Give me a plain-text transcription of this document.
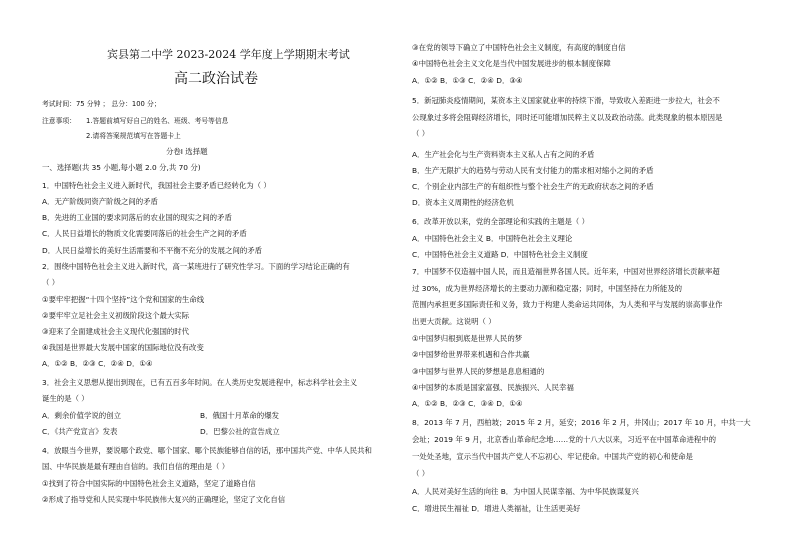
宾县第二中学 2023-2024 学年度上学期期末考试
高二政治试卷
考试时间：75 分钟 ； 总分：100 分；
注意事项： 1.答题前填写好自己的姓名、班级、考号等信息
2.请将答案规范填写在答题卡上
分卷Ⅰ 选择题
一、选择题(共 35 小题,每小题 2.0 分,共 70 分)
1．中国特色社会主义进入新时代，我国社会主要矛盾已经转化为（ ）
A．无产阶级同资产阶级之间的矛盾
B．先进的工业国的要求同落后的农业国的现实之间的矛盾
C．人民日益增长的物质文化需要同落后的社会生产之间的矛盾
D．人民日益增长的美好生活需要和不平衡不充分的发展之间的矛盾
2．围绕中国特色社会主义进入新时代，高一某班进行了研究性学习。下面的学习结论正确的有
（ ）
①要牢牢把握“十四个坚持”这个党和国家的生命线
②要牢牢立足社会主义初级阶段这个最大实际
③迎来了全面建成社会主义现代化强国的时代
④我国是世界最大发展中国家的国际地位没有改变
A．①② B．②③ C．②④ D．①④
3．社会主义思想从提出到现在，已有五百多年时间。在人类历史发展进程中，标志科学社会主义
诞生的是（ ）
A．剩余价值学说的创立	B．俄国十月革命的爆发
C．《共产党宣言》发表	D．巴黎公社的宣告成立
4．放眼当今世界，要说哪个政党、哪个国家、哪个民族能够自信的话，那中国共产党、中华人民共和
国、中华民族是最有理由自信的。我们自信的理由是（ ）
①找到了符合中国实际的中国特色社会主义道路，坚定了道路自信
②形成了指导党和人民实现中华民族伟大复兴的正确理论，坚定了文化自信
③在党的领导下确立了中国特色社会主义制度，有高度的制度自信
④中国特色社会主义文化是当代中国发展进步的根本制度保障
A．①② B．①③ C．②④ D．③④
5．新冠肺炎疫情期间，某资本主义国家就业率的持续下滑，导致收入差距进一步拉大，社会不
公现象过多将会阻碍经济增长，同时还可能增加民粹主义以及政治动荡。此类现象的根本原因是
（ ）
A．生产社会化与生产资料资本主义私人占有之间的矛盾
B．生产无限扩大的趋势与劳动人民有支付能力的需求相对缩小之间的矛盾
C．个别企业内部生产的有组织性与整个社会生产的无政府状态之间的矛盾
D．资本主义周期性的经济危机
6．改革开放以来，党的全部理论和实践的主题是（ ）
A．中国特色社会主义 B．中国特色社会主义理论
C．中国特色社会主义道路 D．中国特色社会主义制度
7．中国梦不仅造福中国人民，而且造福世界各国人民。近年来，中国对世界经济增长贡献率超
过 30%，成为世界经济增长的主要动力源和稳定器；同时，中国坚持在力所能及的
范围内承担更多国际责任和义务，致力于构建人类命运共同体，为人类和平与发展的崇高事业作
出更大贡献。这说明（ ）
①中国梦归根到底是世界人民的梦
②中国梦给世界带来机遇和合作共赢
③中国梦与世界人民的梦想是息息相通的
④中国梦的本质是国家富强、民族振兴、人民幸福
A．①② B．②③ C．③④ D．①④
8．2013 年 7 月，西柏坡；2015 年 2 月，延安；2016 年 2 月，井冈山；2017 年 10 月，中共一大
会址；2019 年 9 月，北京香山革命纪念地……党的十八大以来，习近平在中国革命进程中的
一处处圣地，宣示当代中国共产党人不忘初心、牢记使命。中国共产党的初心和使命是
（ ）
A．人民对美好生活的向往 B．为中国人民谋幸福、为中华民族谋复兴
C．增进民生福祉 D．增进人类福祉，让生活更美好
